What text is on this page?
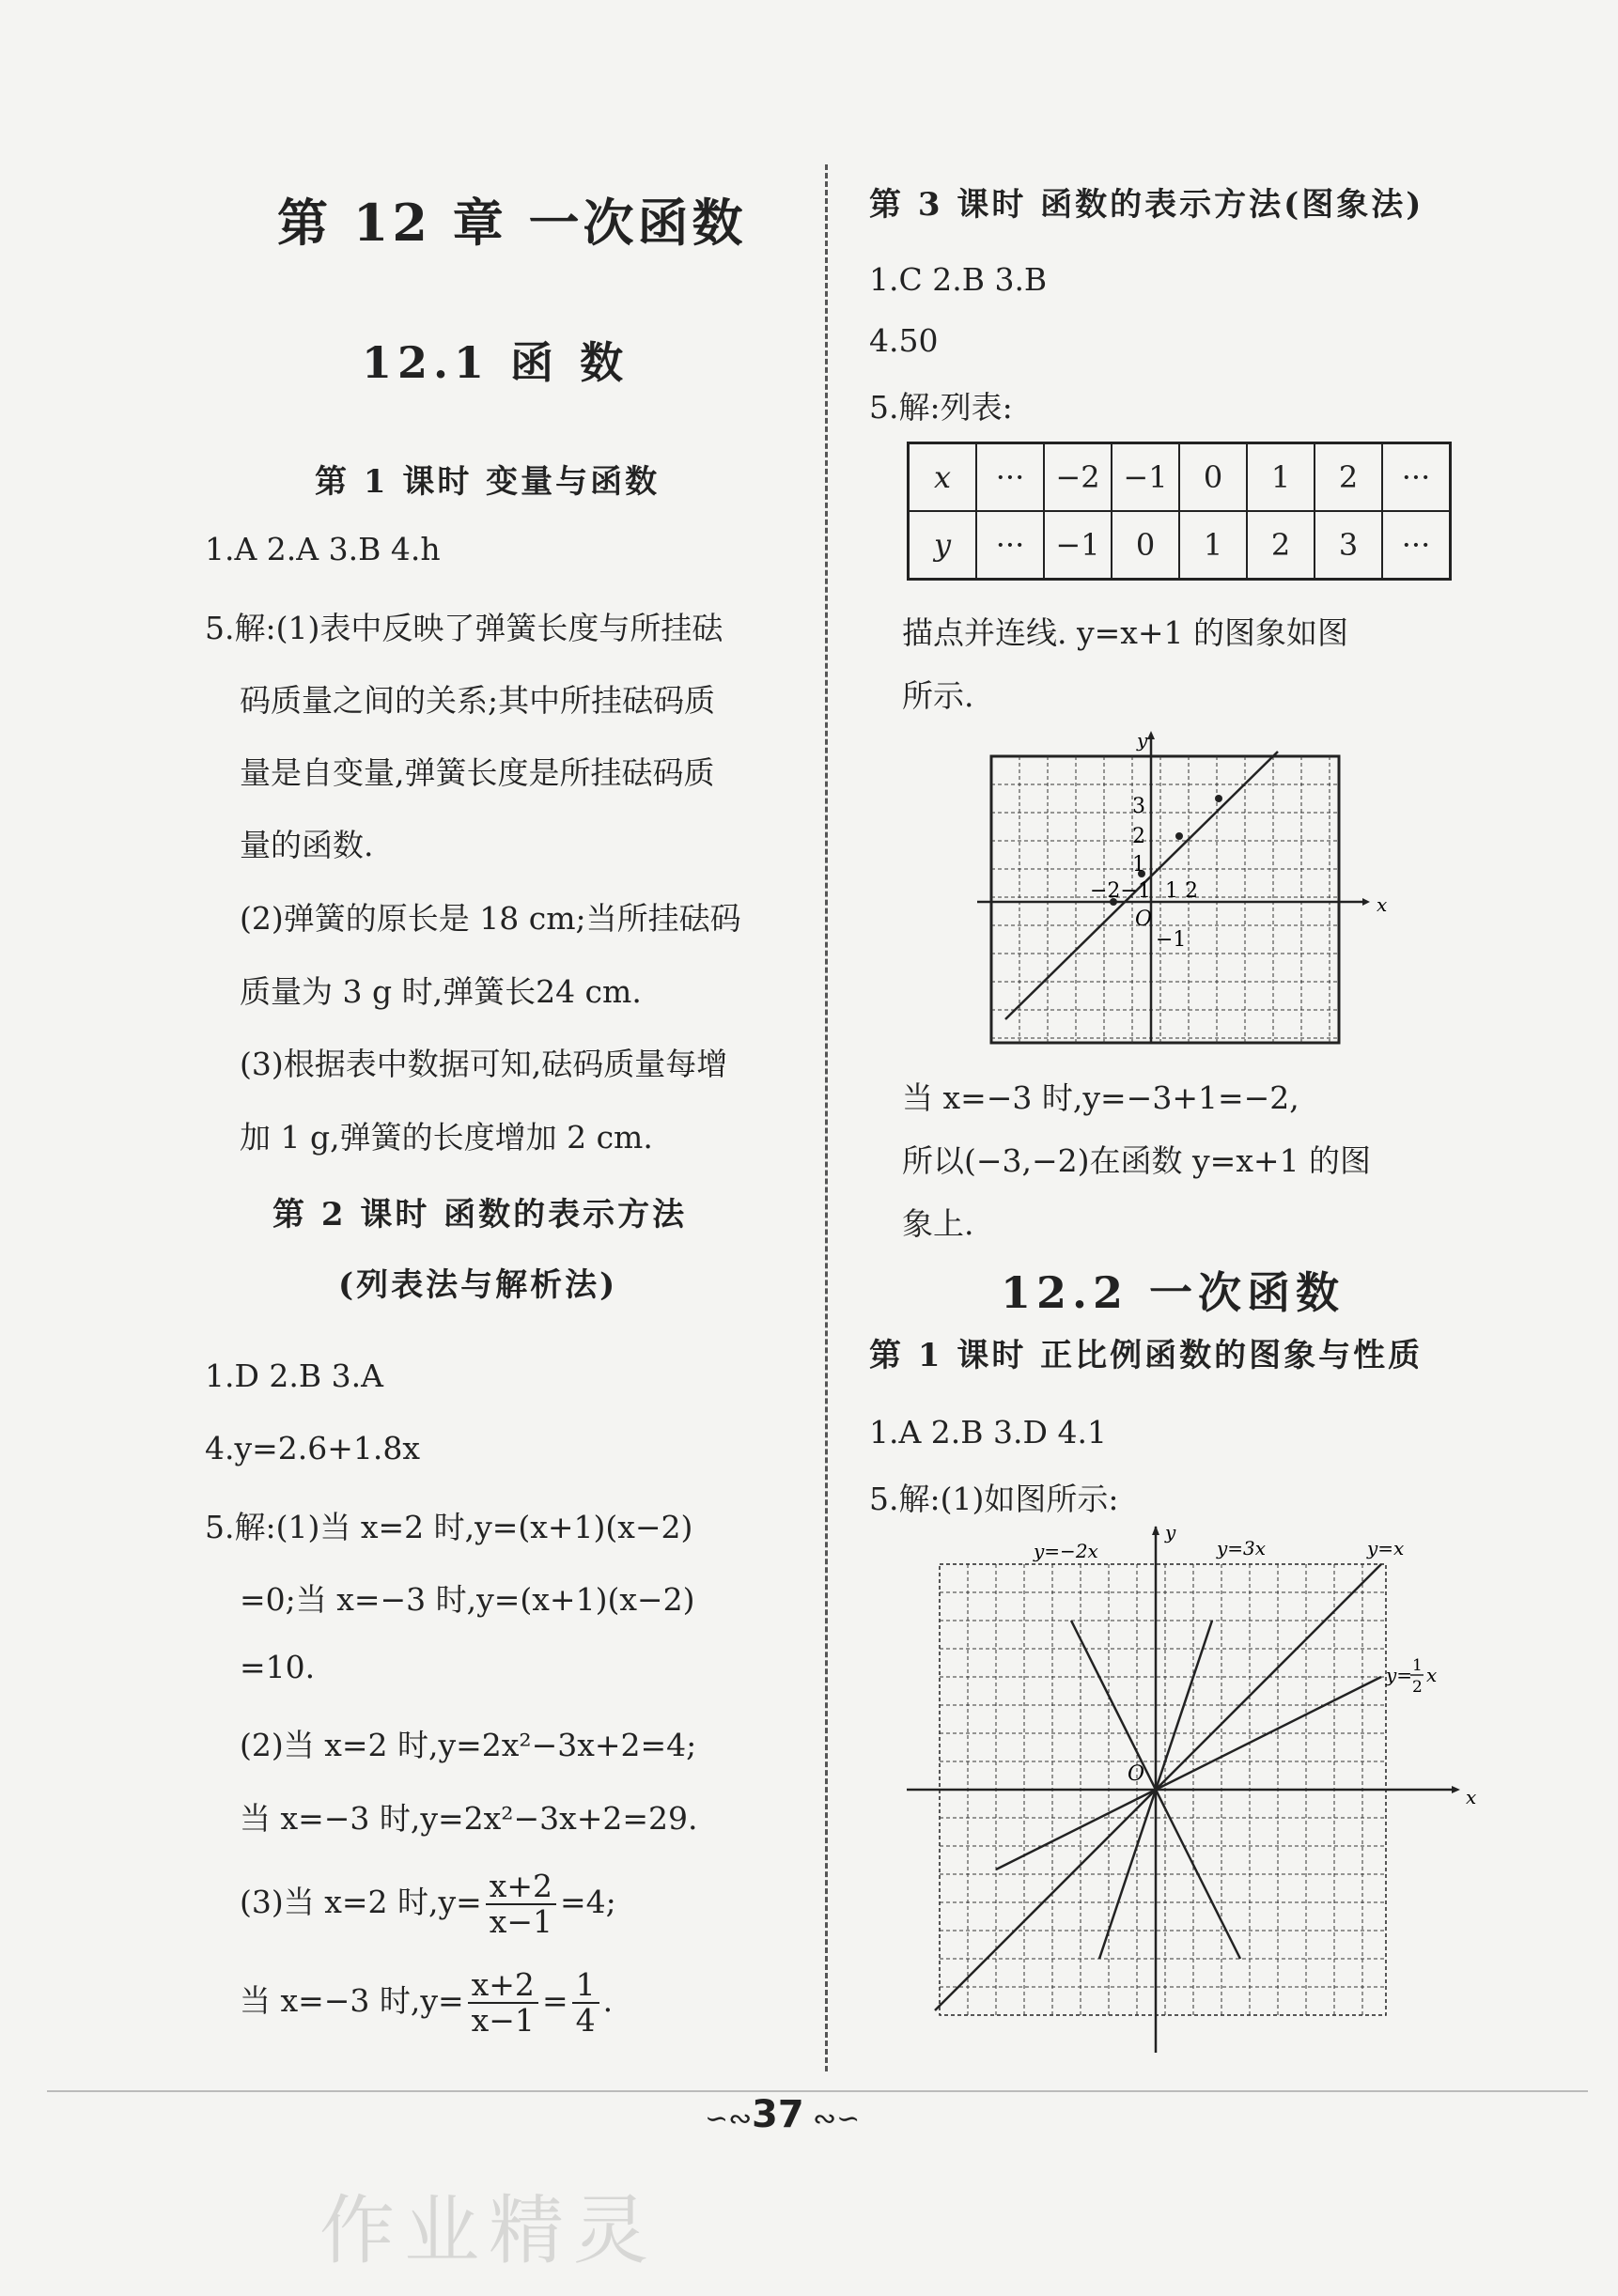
第 12 章 一次函数
12.1 函 数
第 1 课时 变量与函数
1.A 2.A 3.B 4.h
5.解:(1)表中反映了弹簧长度与所挂砝
码质量之间的关系;其中所挂砝码质
量是自变量,弹簧长度是所挂砝码质
量的函数.
(2)弹簧的原长是 18 cm;当所挂砝码
质量为 3 g 时,弹簧长24 cm.
(3)根据表中数据可知,砝码质量每增
加 1 g,弹簧的长度增加 2 cm.
第 2 课时 函数的表示方法
(列表法与解析法)
1.D 2.B 3.A
4.y=2.6+1.8x
5.解:(1)当 x=2 时,y=(x+1)(x−2)
=0;当 x=−3 时,y=(x+1)(x−2)
=10.
(2)当 x=2 时,y=2x²−3x+2=4;
当 x=−3 时,y=2x²−3x+2=29.
(3)当 x=2 时$,y= \frac{x+2}{x-1} =4$;
当 x=−3 时$,y= \frac{x+2}{x-1} = \frac{1}{4}$ .
第 3 课时 函数的表示方法(图象法)
1.C 2.B 3.B
4.50
5.解:列表:
x	···	−2	−1	0	1	2	···
y	···	−1	0	1	2	3	···
描点并连线. y=x+1 的图象如图
所示.
x
y
O
1 2
−2−1
3
2
1
−1
当 x=−3 时,y=−3+1=−2,
所以(−3,−2)在函数 y=x+1 的图
象上.
12.2 一次函数
第 1 课时 正比例函数的图象与性质
1.A 2.B 3.D 4.1
5.解:(1)如图所示:
y=−2x	y=3x	y=x
y= 1
2
x
x
y
O
∽∾ 37 ∾∽
作业精灵
